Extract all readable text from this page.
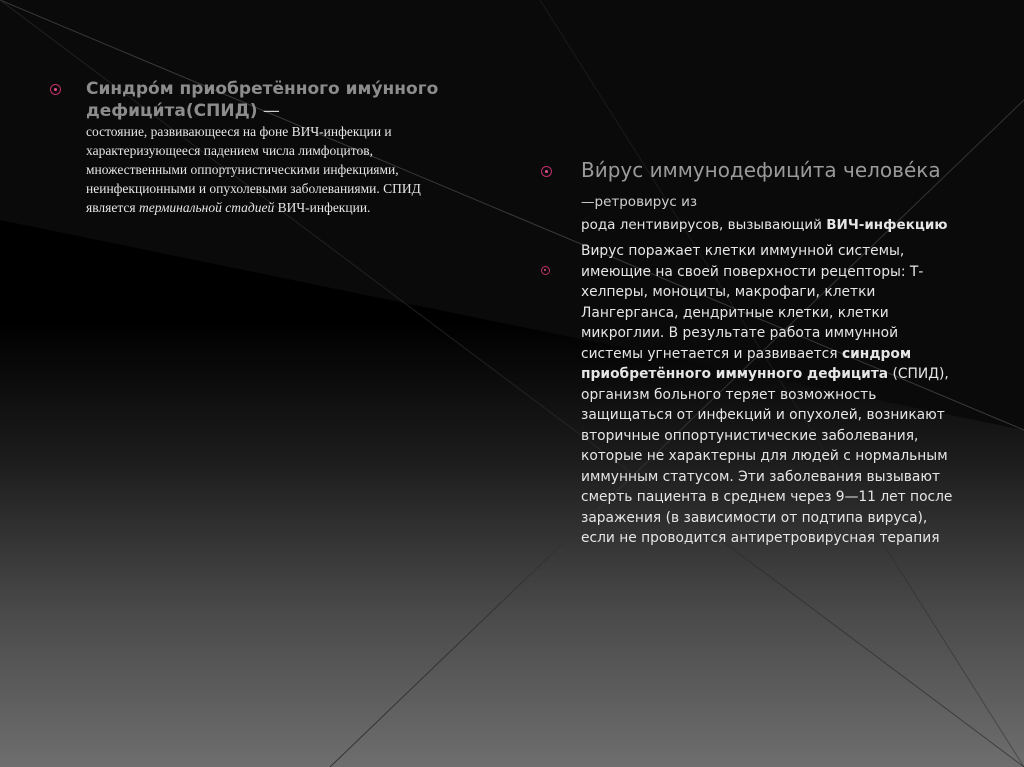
Синдро́м приобретённого иму́нного дефици́та(СПИД) —
состояние, развивающееся на фоне ВИЧ-инфекции и характеризующееся падением числа лимфоцитов, множественными оппортунистическими инфекциями, неинфекционными и опухолевыми заболеваниями. СПИД является терминальной стадией ВИЧ-инфекции.
Ви́рус иммунодефици́та челове́ка —ретровирус из
рода лентивирусов, вызывающий ВИЧ-инфекцию
Вирус поражает клетки иммунной системы, имеющие на своей поверхности рецепторы: Т-хелперы, моноциты, макрофаги, клетки Лангерганса, дендритные клетки, клетки микроглии. В результате работа иммунной системы угнетается и развивается синдром приобретённого иммунного дефицита (СПИД), организм больного теряет возможность защищаться от инфекций и опухолей, возникают вторичные оппортунистические заболевания, которые не характерны для людей с нормальным иммунным статусом. Эти заболевания вызывают смерть пациента в среднем через 9—11 лет после заражения (в зависимости от подтипа вируса), если не проводится антиретровирусная терапия
